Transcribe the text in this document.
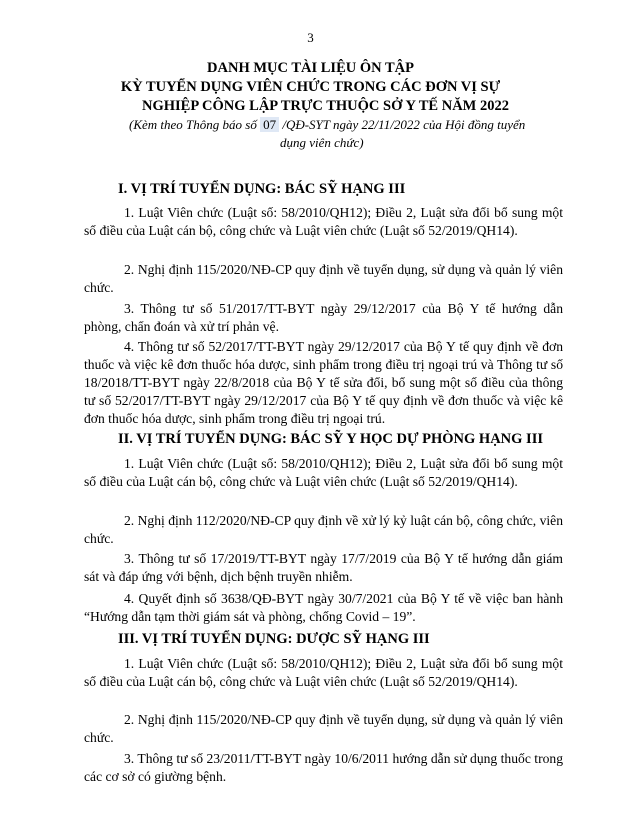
3
DANH MỤC TÀI LIỆU ÔN TẬP
KỲ TUYỂN DỤNG VIÊN CHỨC TRONG CÁC ĐƠN VỊ SỰ
NGHIỆP CÔNG LẬP TRỰC THUỘC SỞ Y TẾ NĂM 2022
(Kèm theo Thông báo số 07 /QĐ-SYT ngày 22/11/2022 của Hội đồng tuyển
dụng viên chức)
I. VỊ TRÍ TUYỂN DỤNG: BÁC SỸ HẠNG III
1. Luật Viên chức (Luật số: 58/2010/QH12); Điều 2, Luật sửa đổi bổ sung một số điều của Luật cán bộ, công chức và Luật viên chức (Luật số 52/2019/QH14).
2. Nghị định 115/2020/NĐ-CP quy định về tuyển dụng, sử dụng và quản lý viên chức.
3. Thông tư số 51/2017/TT-BYT ngày 29/12/2017 của Bộ Y tế hướng dẫn phòng, chẩn đoán và xử trí phản vệ.
4. Thông tư số 52/2017/TT-BYT ngày 29/12/2017 của Bộ Y tế quy định về đơn thuốc và việc kê đơn thuốc hóa dược, sinh phẩm trong điều trị ngoại trú và Thông tư số 18/2018/TT-BYT ngày 22/8/2018 của Bộ Y tế sửa đổi, bổ sung một số điều của thông tư số 52/2017/TT-BYT ngày 29/12/2017 của Bộ Y tế quy định về đơn thuốc và việc kê đơn thuốc hóa dược, sinh phẩm trong điều trị ngoại trú.
II. VỊ TRÍ TUYỂN DỤNG: BÁC SỸ Y HỌC DỰ PHÒNG HẠNG III
1. Luật Viên chức (Luật số: 58/2010/QH12); Điều 2, Luật sửa đổi bổ sung một số điều của Luật cán bộ, công chức và Luật viên chức (Luật số 52/2019/QH14).
2. Nghị định 112/2020/NĐ-CP quy định về xử lý kỷ luật cán bộ, công chức, viên chức.
3. Thông tư số 17/2019/TT-BYT ngày 17/7/2019 của Bộ Y tế hướng dẫn giám sát và đáp ứng với bệnh, dịch bệnh truyền nhiễm.
4. Quyết định số 3638/QĐ-BYT ngày 30/7/2021 của Bộ Y tế về việc ban hành “Hướng dẫn tạm thời giám sát và phòng, chống Covid – 19”.
III. VỊ TRÍ TUYỂN DỤNG: DƯỢC SỸ HẠNG III
1. Luật Viên chức (Luật số: 58/2010/QH12); Điều 2, Luật sửa đổi bổ sung một số điều của Luật cán bộ, công chức và Luật viên chức (Luật số 52/2019/QH14).
2. Nghị định 115/2020/NĐ-CP quy định về tuyển dụng, sử dụng và quản lý viên chức.
3. Thông tư số 23/2011/TT-BYT ngày 10/6/2011 hướng dẫn sử dụng thuốc trong các cơ sở có giường bệnh.
